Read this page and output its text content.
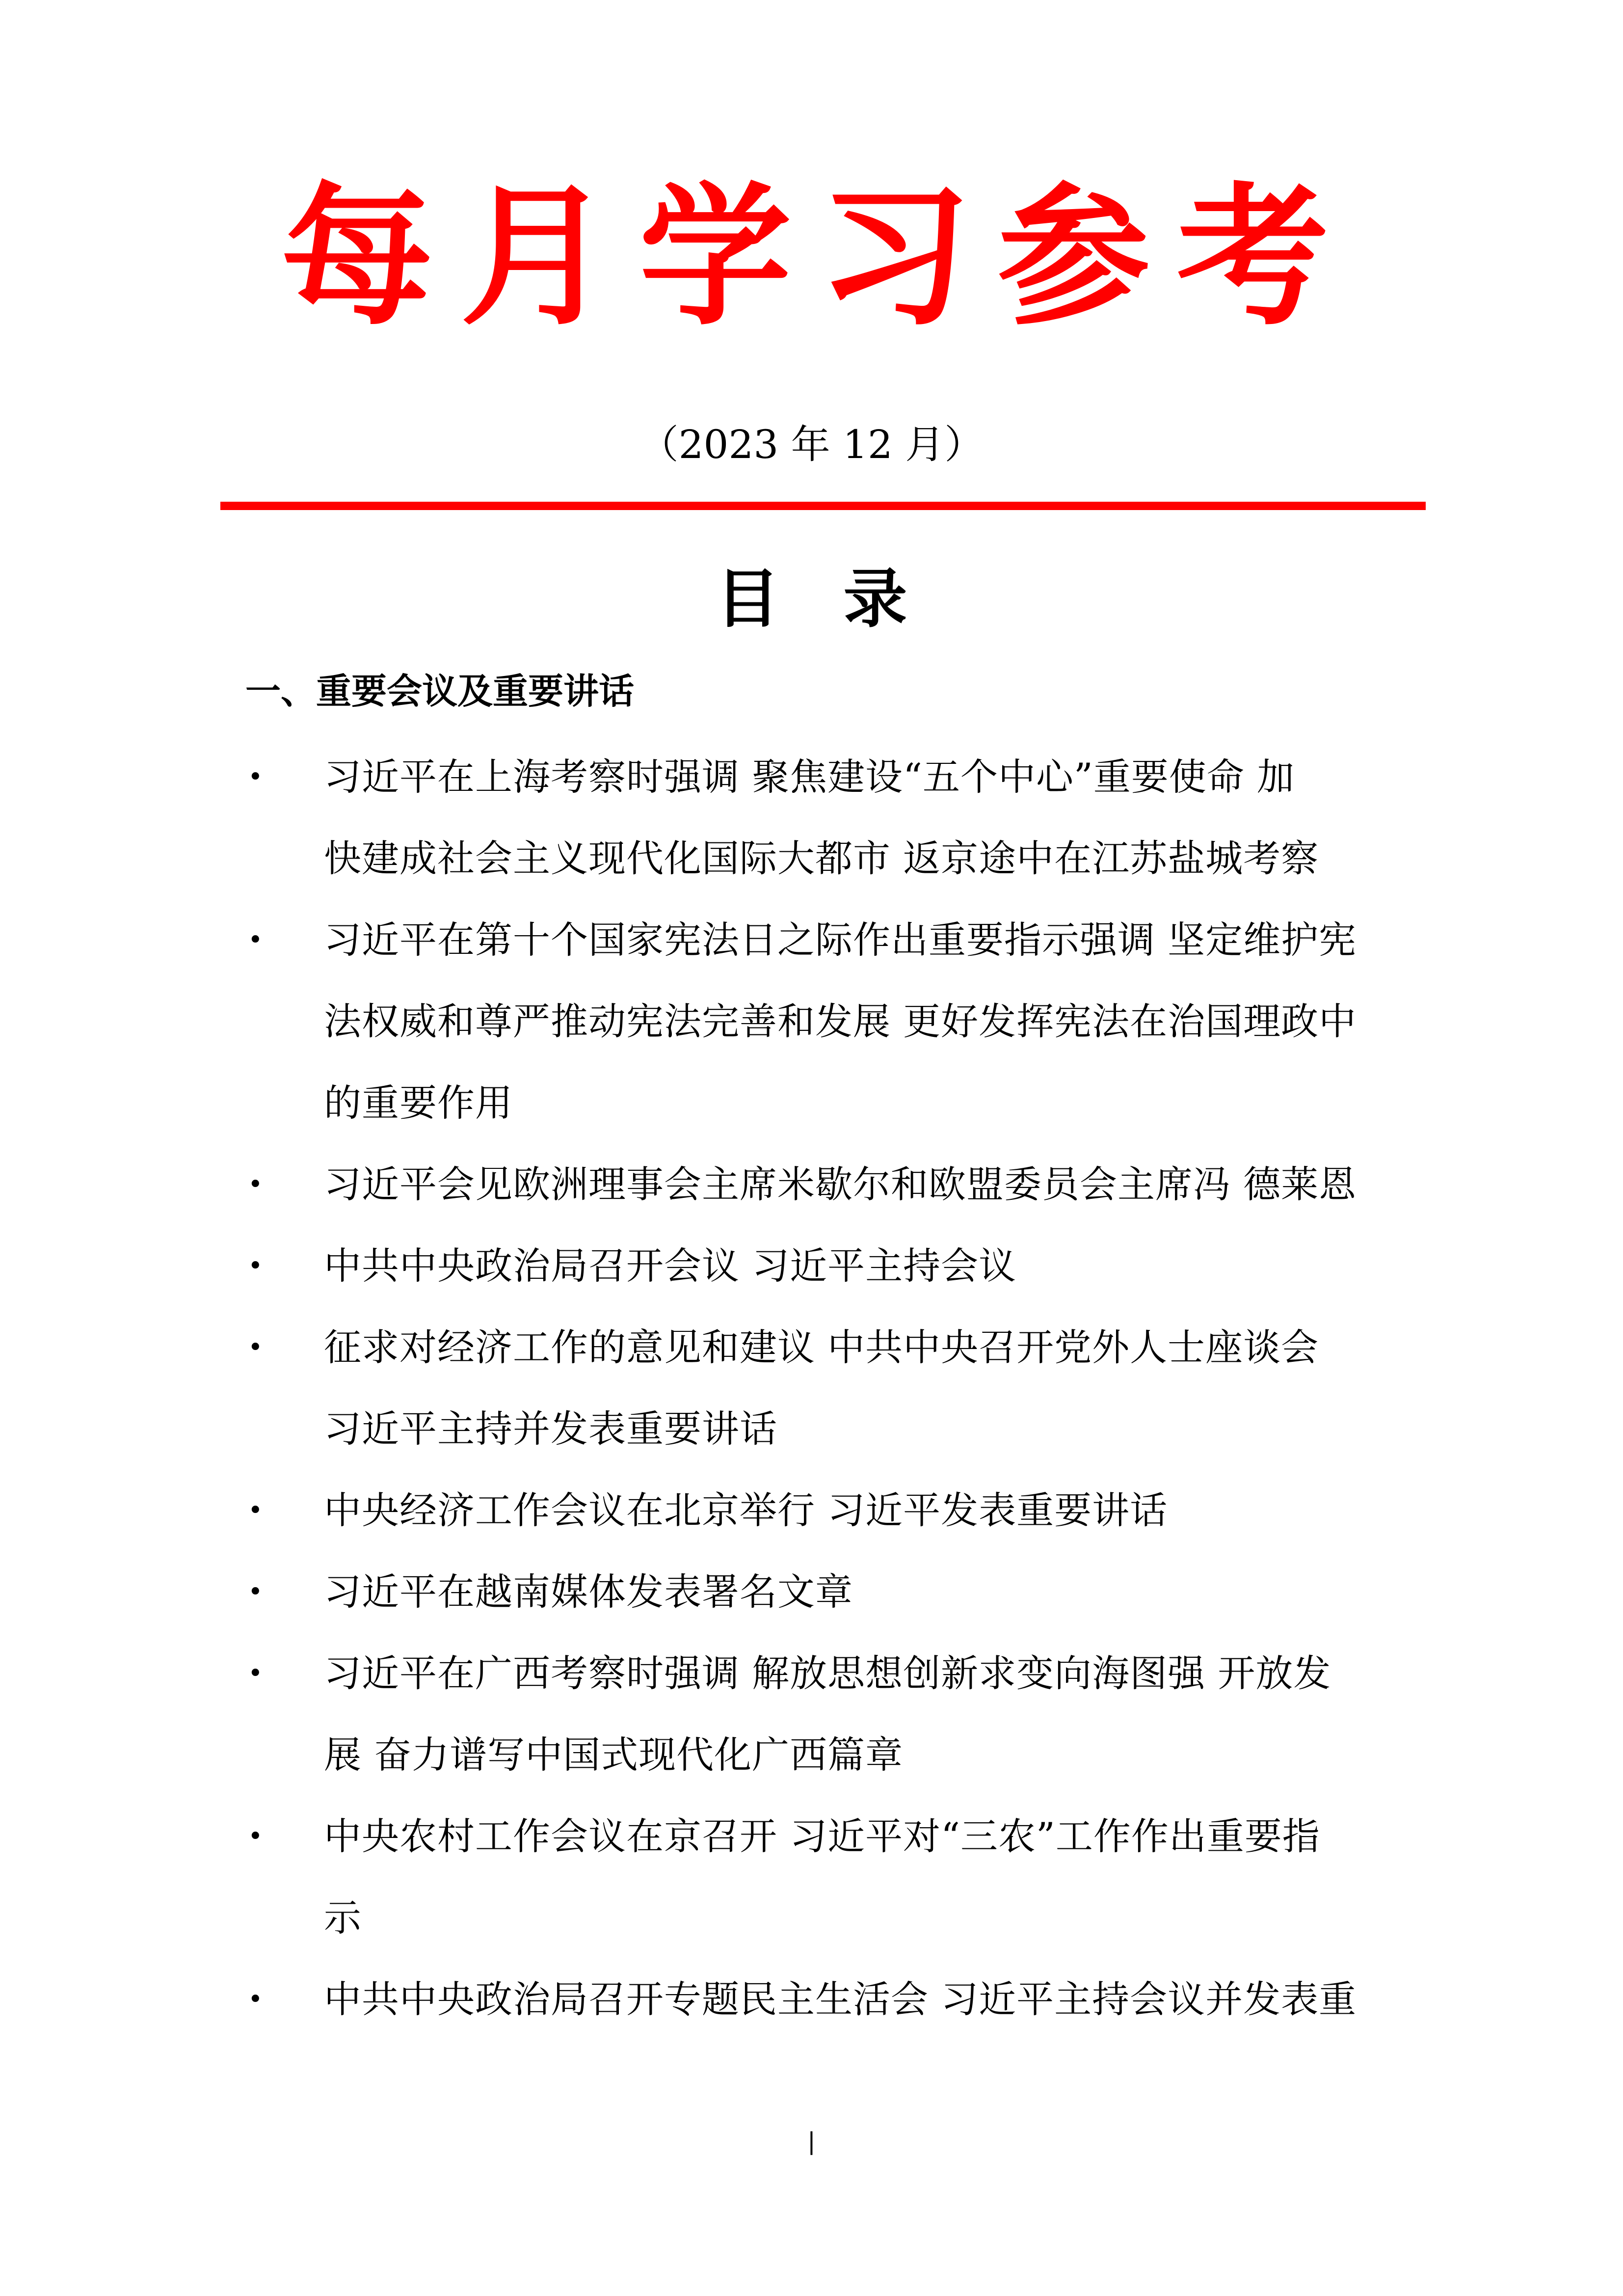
每月学习参考
（2023 年 12 月）
目　录
一、重要会议及重要讲话
• 习近平在上海考察时强调 聚焦建设“五个中心”重要使命 加
快建成社会主义现代化国际大都市 返京途中在江苏盐城考察
• 习近平在第十个国家宪法日之际作出重要指示强调 坚定维护宪
法权威和尊严推动宪法完善和发展 更好发挥宪法在治国理政中
的重要作用
• 习近平会见欧洲理事会主席米歇尔和欧盟委员会主席冯 德莱恩
• 中共中央政治局召开会议 习近平主持会议
• 征求对经济工作的意见和建议 中共中央召开党外人士座谈会
习近平主持并发表重要讲话
• 中央经济工作会议在北京举行 习近平发表重要讲话
• 习近平在越南媒体发表署名文章
• 习近平在广西考察时强调 解放思想创新求变向海图强 开放发
展 奋力谱写中国式现代化广西篇章
• 中央农村工作会议在京召开 习近平对“三农”工作作出重要指
示
• 中共中央政治局召开专题民主生活会 习近平主持会议并发表重
|
